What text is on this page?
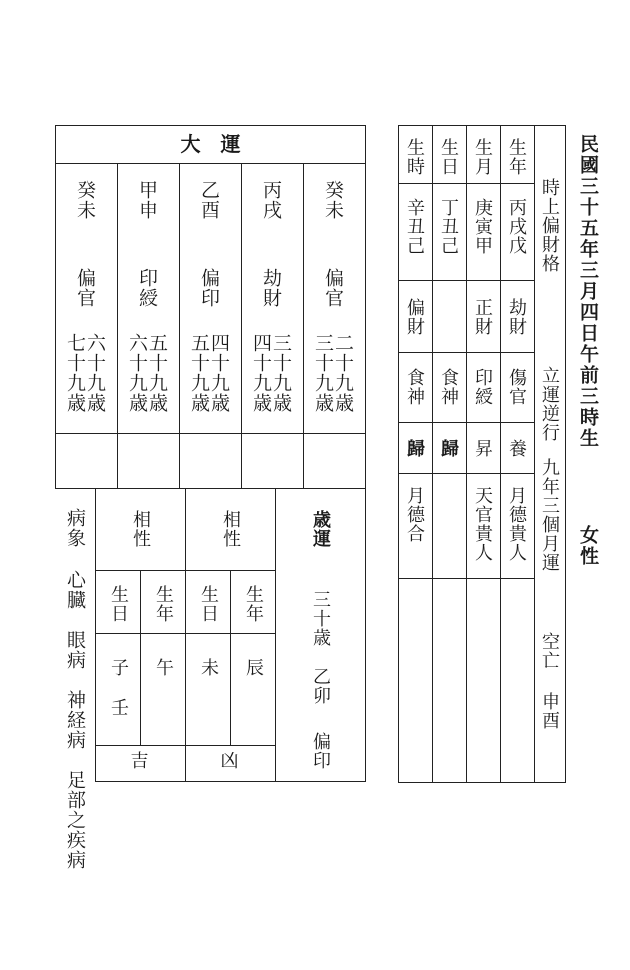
民國三十五年三月四日午前三時生
女性
時上偏財格
立運逆行
九年三個月運
空亡
申酉
生年
丙戌戊
劫財
傷官
養
月德貴人
生月
庚寅甲
正財
印綬
昇
天官貴人
生日
丁丑己
食神
歸
生時
辛丑己
偏財
食神
歸
月德合
大　運
癸未
偏官
二十九歳
三十九歳
丙戌
劫財
三十九歳
四十九歳
乙酉
偏印
四十九歳
五十九歳
甲申
印綬
五十九歳
六十九歳
癸未
偏官
六十九歳
七十九歳
歳運
三十歳
乙卯
偏印
相性
生年
生日
辰
未
凶
相性
生年
生日
午
子
壬
吉
病象
心臓　眼病　神経病　足部之疾病
